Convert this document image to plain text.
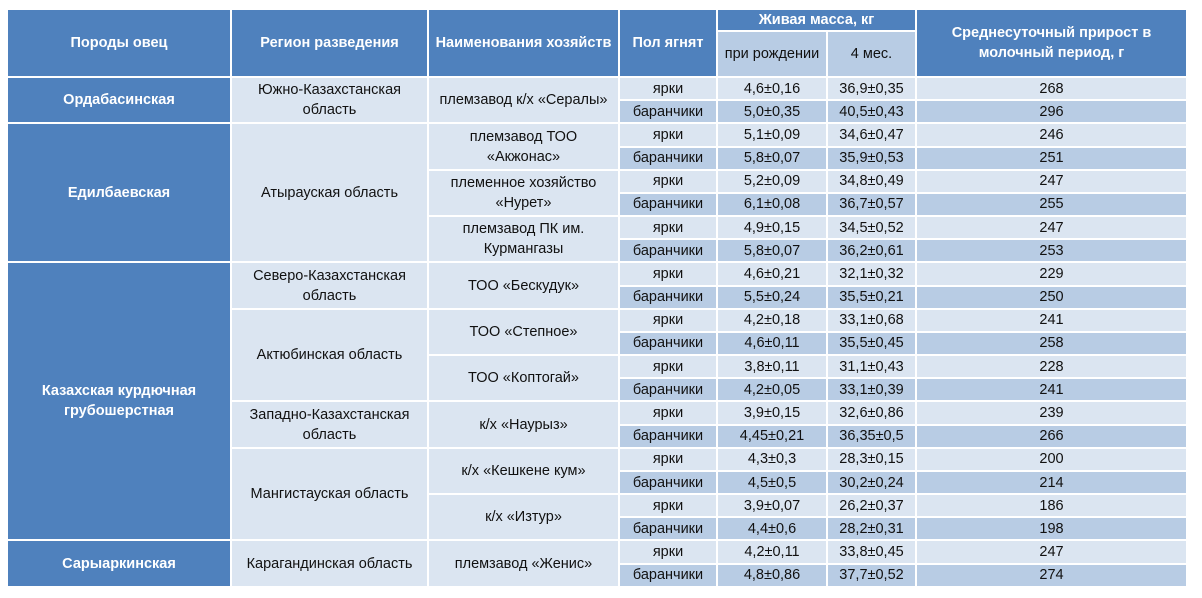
Породы овец	Регион разведения	Наименования хозяйств	Пол ягнят	Живая масса, кг		Среднесуточный прирост в молочный период, г
				при рождении	4 мес.	
Ордабасинская	Южно-Казахстанская область	племзавод к/х «Сералы»	ярки	4,6±0,16	36,9±0,35	268
			баранчики	5,0±0,35	40,5±0,43	296
Едилбаевская	Атырауская область	племзавод ТОО «Акжонас»	ярки	5,1±0,09	34,6±0,47	246
			баранчики	5,8±0,07	35,9±0,53	251
		племенное хозяйство «Нурет»	ярки	5,2±0,09	34,8±0,49	247
			баранчики	6,1±0,08	36,7±0,57	255
		племзавод ПК им. Курмангазы	ярки	4,9±0,15	34,5±0,52	247
			баранчики	5,8±0,07	36,2±0,61	253
Казахская курдючная грубошерстная	Северо-Казахстанская область	ТОО «Бескудук»	ярки	4,6±0,21	32,1±0,32	229
			баранчики	5,5±0,24	35,5±0,21	250
	Актюбинская область	ТОО «Степное»	ярки	4,2±0,18	33,1±0,68	241
			баранчики	4,6±0,11	35,5±0,45	258
		ТОО «Коптогай»	ярки	3,8±0,11	31,1±0,43	228
			баранчики	4,2±0,05	33,1±0,39	241
	Западно-Казахстанская область	к/х «Наурыз»	ярки	3,9±0,15	32,6±0,86	239
			баранчики	4,45±0,21	36,35±0,5	266
	Мангистауская область	к/х «Кешкене кум»	ярки	4,3±0,3	28,3±0,15	200
			баранчики	4,5±0,5	30,2±0,24	214
		к/х «Изтур»	ярки	3,9±0,07	26,2±0,37	186
			баранчики	4,4±0,6	28,2±0,31	198
Сарыаркинская	Карагандинская область	племзавод «Женис»	ярки	4,2±0,11	33,8±0,45	247
			баранчики	4,8±0,86	37,7±0,52	274
